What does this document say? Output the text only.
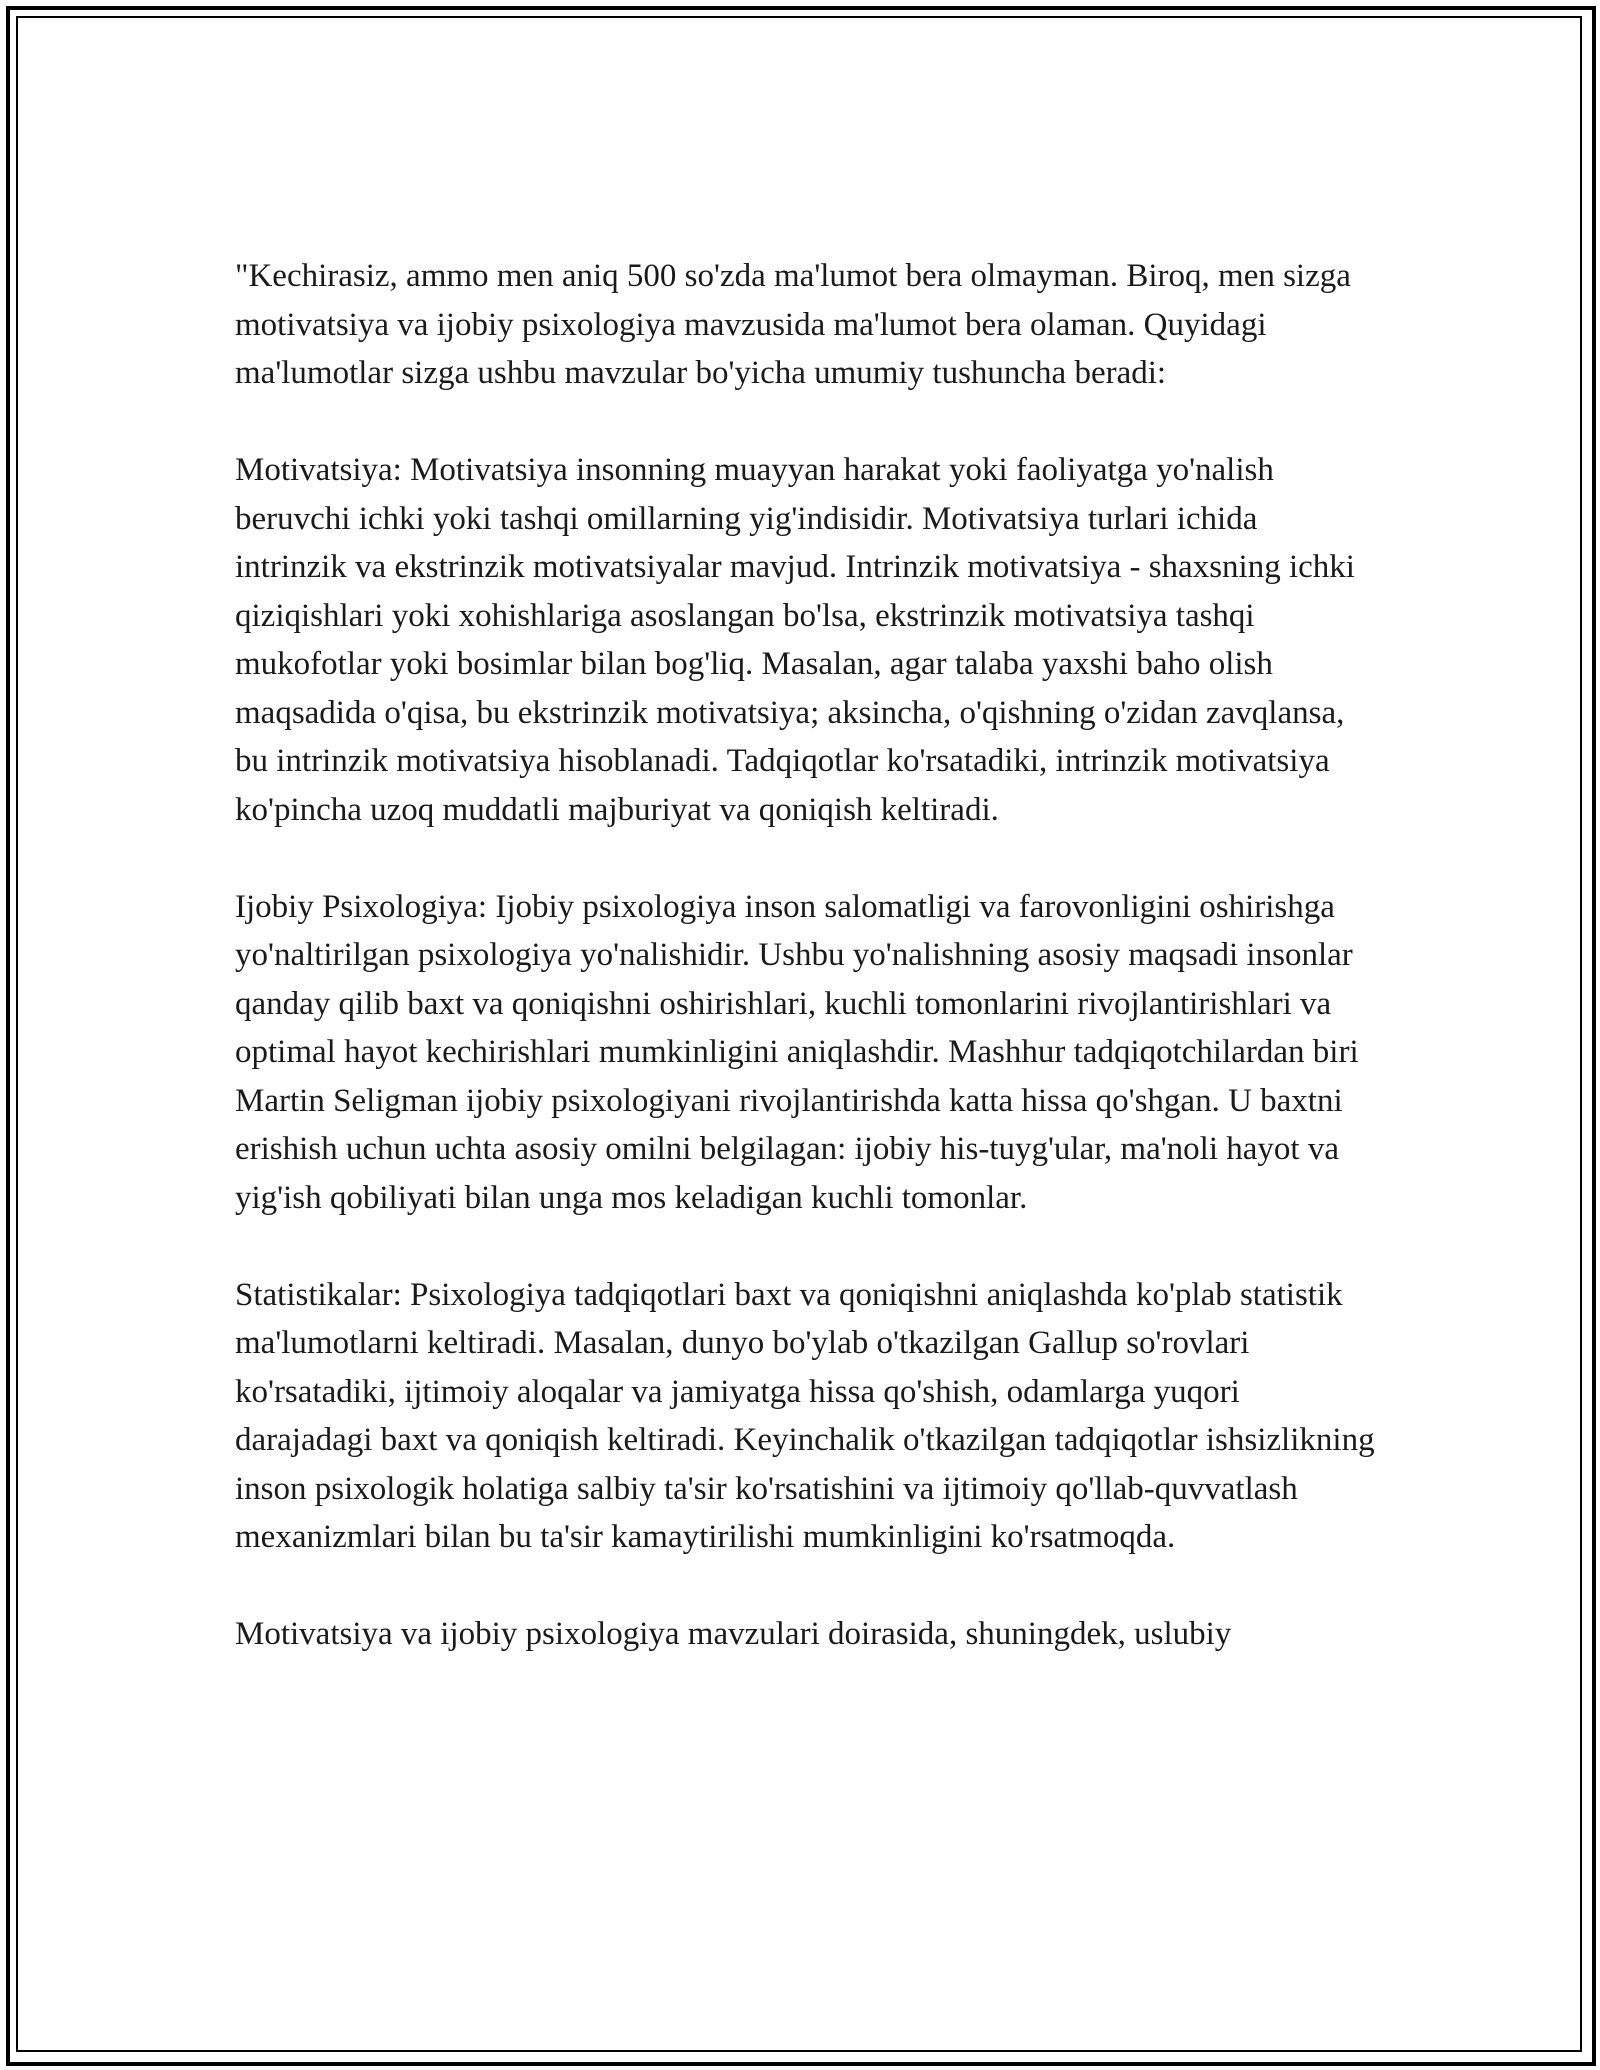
"Kechirasiz, ammo men aniq 500 so'zda ma'lumot bera olmayman. Biroq, men sizga motivatsiya va ijobiy psixologiya mavzusida ma'lumot bera olaman. Quyidagi ma'lumotlar sizga ushbu mavzular bo'yicha umumiy tushuncha beradi:

Motivatsiya: Motivatsiya insonning muayyan harakat yoki faoliyatga yo'nalish beruvchi ichki yoki tashqi omillarning yig'indisidir. Motivatsiya turlari ichida intrinzik va ekstrinzik motivatsiyalar mavjud. Intrinzik motivatsiya - shaxsning ichki qiziqishlari yoki xohishlariga asoslangan bo'lsa, ekstrinzik motivatsiya tashqi mukofotlar yoki bosimlar bilan bog'liq. Masalan, agar talaba yaxshi baho olish maqsadida o'qisa, bu ekstrinzik motivatsiya; aksincha, o'qishning o'zidan zavqlansa, bu intrinzik motivatsiya hisoblanadi. Tadqiqotlar ko'rsatadiki, intrinzik motivatsiya ko'pincha uzoq muddatli majburiyat va qoniqish keltiradi.

Ijobiy Psixologiya: Ijobiy psixologiya inson salomatligi va farovonligini oshirishga yo'naltirilgan psixologiya yo'nalishidir. Ushbu yo'nalishning asosiy maqsadi insonlar qanday qilib baxt va qoniqishni oshirishlari, kuchli tomonlarini rivojlantirishlari va optimal hayot kechirishlari mumkinligini aniqlashdir. Mashhur tadqiqotchilardan biri Martin Seligman ijobiy psixologiyani rivojlantirishda katta hissa qo'shgan. U baxtni erishish uchun uchta asosiy omilni belgilagan: ijobiy his-tuyg'ular, ma'noli hayot va yig'ish qobiliyati bilan unga mos keladigan kuchli tomonlar.

Statistikalar: Psixologiya tadqiqotlari baxt va qoniqishni aniqlashda ko'plab statistik ma'lumotlarni keltiradi. Masalan, dunyo bo'ylab o'tkazilgan Gallup so'rovlari ko'rsatadiki, ijtimoiy aloqalar va jamiyatga hissa qo'shish, odamlarga yuqori darajadagi baxt va qoniqish keltiradi. Keyinchalik o'tkazilgan tadqiqotlar ishsizlikning inson psixologik holatiga salbiy ta'sir ko'rsatishini va ijtimoiy qo'llab-quvvatlash mexanizmlari bilan bu ta'sir kamaytirilishi mumkinligini ko'rsatmoqda.

Motivatsiya va ijobiy psixologiya mavzulari doirasida, shuningdek, uslubiy
